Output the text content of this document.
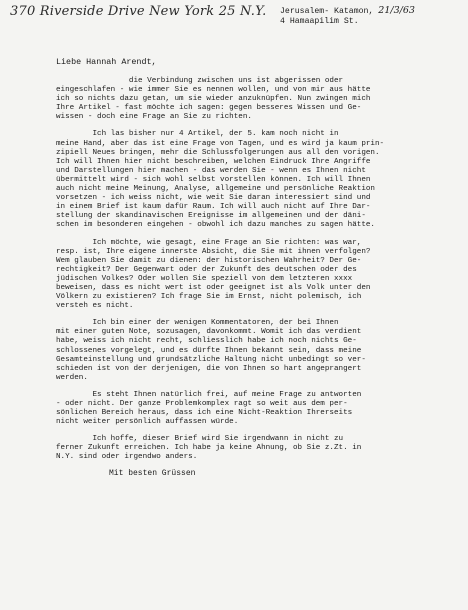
370 Riverside Drive New York 25 N.Y. Jerusalem- Katamon, 21/3/63
4 Hamaapilim St.
Liebe Hannah Arendt,
die Verbindung zwischen uns ist abgerissen oder
eingeschlafen - wie immer Sie es nennen wollen, und von mir aus hätte
ich so nichts dazu getan, um sie wieder anzuknüpfen. Nun zwingen mich
Ihre Artikel - fast möchte ich sagen: gegen besseres Wissen und Ge-
wissen - doch eine Frage an Sie zu richten.
Ich las bisher nur 4 Artikel, der 5. kam noch nicht in
meine Hand, aber das ist eine Frage von Tagen, und es wird ja kaum prin-
zipiell Neues bringen, mehr die Schlussfolgerungen aus all den vorigen.
Ich will Ihnen hier nicht beschreiben, welchen Eindruck Ihre Angriffe
und Darstellungen hier machen - das werden Sie - wenn es Ihnen nicht
übermittelt wird - sich wohl selbst vorstellen können. Ich will Ihnen
auch nicht meine Meinung, Analyse, allgemeine und persönliche Reaktion
vorsetzen - ich weiss nicht, wie weit Sie daran interessiert sind und
in einem Brief ist kaum dafür Raum. Ich will auch nicht auf Ihre Dar-
stellung der skandinavischen Ereignisse im allgemeinen und der däni-
schen im besonderen eingehen - obwohl ich dazu manches zu sagen hätte.
Ich möchte, wie gesagt, eine Frage an Sie richten: was war,
resp. ist, Ihre eigene innerste Absicht, die Sie mit ihnen verfolgen?
Wem glauben Sie damit zu dienen: der historischen Wahrheit? Der Ge-
rechtigkeit? Der Gegenwart oder der Zukunft des deutschen oder des
jüdischen Volkes? Oder wollen Sie speziell von dem letzteren xxxx
beweisen, dass es nicht wert ist oder geeignet ist als Volk unter den
Völkern zu existieren? Ich frage Sie im Ernst, nicht polemisch, ich
versteh es nicht.
Ich bin einer der wenigen Kommentatoren, der bei Ihnen
mit einer guten Note, sozusagen, davonkommt. Womit ich das verdient
habe, weiss ich nicht recht, schliesslich habe ich noch nichts Ge-
schlossenes vorgelegt, und es dürfte Ihnen bekannt sein, dass meine
Gesamteinstellung und grundsätzliche Haltung nicht unbedingt so ver-
schieden ist von der derjenigen, die von Ihnen so hart angeprangert
werden.
Es steht Ihnen natürlich frei, auf meine Frage zu antworten
- oder nicht. Der ganze Problemkomplex ragt so weit aus dem per-
sönlichen Bereich heraus, dass ich eine Nicht-Reaktion Ihrerseits
nicht weiter persönlich auffassen würde.
Ich hoffe, dieser Brief wird Sie irgendwann in nicht zu
ferner Zukunft erreichen. Ich habe ja keine Ahnung, ob Sie z.Zt. in
N.Y. sind oder irgendwo anders.
Mit besten Grüssen
